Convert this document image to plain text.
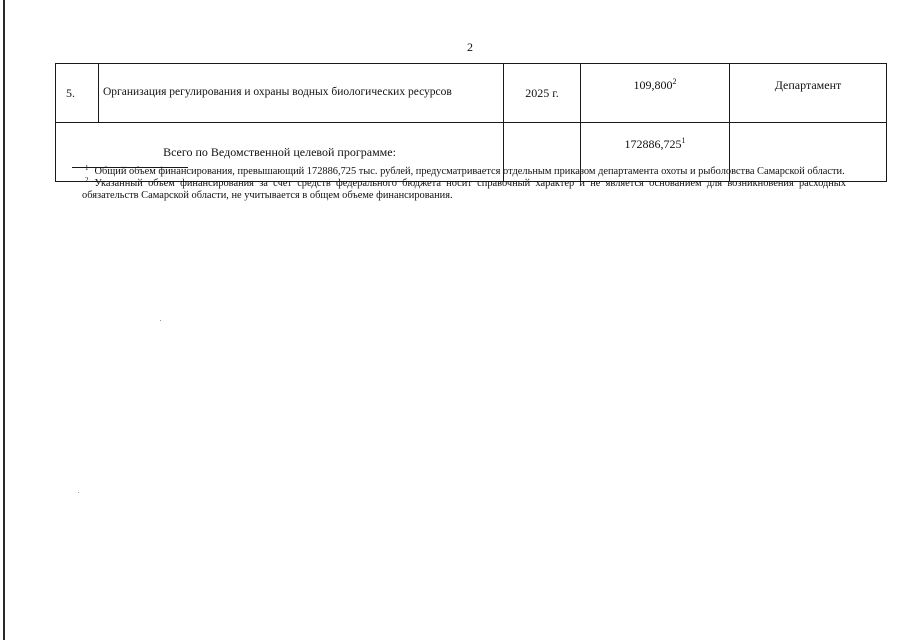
2
5.	Организация регулирования и охраны водных биологических ресурсов	2025 г.	109,800$^2$	Департамент
Всего по Ведомственной целевой программе:			172886,725$^1$	

$^1$ Общий объем финансирования, превышающий 172886,725 тыс. рублей, предусматривается отдельным приказом департамента охоты и рыболовства Самарской области.

$^2$ Указанный объем финансирования за счет средств федерального бюджета носит справочный характер и не является основанием для возникновения расходных обязательств Самарской области, не учитывается в общем объеме финансирования.
